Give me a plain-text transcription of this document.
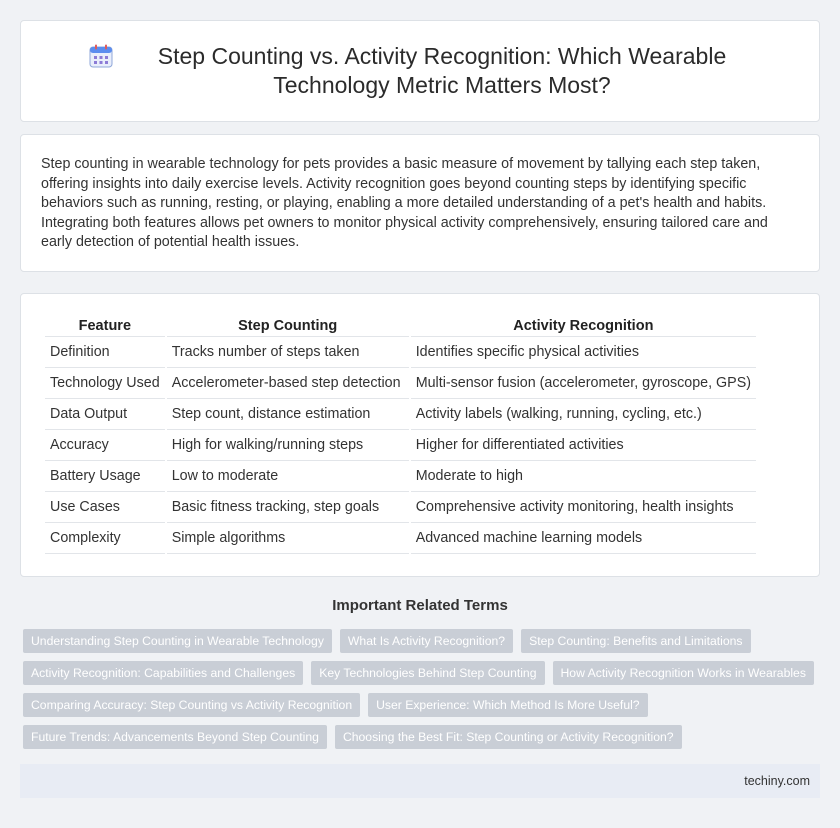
Step Counting vs. Activity Recognition: Which Wearable Technology Metric Matters Most?

Step counting in wearable technology for pets provides a basic measure of movement by tallying each step taken, offering insights into daily exercise levels. Activity recognition goes beyond counting steps by identifying specific behaviors such as running, resting, or playing, enabling a more detailed understanding of a pet's health and habits. Integrating both features allows pet owners to monitor physical activity comprehensively, ensuring tailored care and early detection of potential health issues.

Feature	Step Counting	Activity Recognition
Definition	Tracks number of steps taken	Identifies specific physical activities
Technology Used	Accelerometer-based step detection	Multi-sensor fusion (accelerometer, gyroscope, GPS)
Data Output	Step count, distance estimation	Activity labels (walking, running, cycling, etc.)
Accuracy	High for walking/running steps	Higher for differentiated activities
Battery Usage	Low to moderate	Moderate to high
Use Cases	Basic fitness tracking, step goals	Comprehensive activity monitoring, health insights
Complexity	Simple algorithms	Advanced machine learning models
Important Related Terms
Understanding Step Counting in Wearable Technology	What Is Activity Recognition?	Step Counting: Benefits and Limitations
Activity Recognition: Capabilities and Challenges	Key Technologies Behind Step Counting	How Activity Recognition Works in Wearables
Comparing Accuracy: Step Counting vs Activity Recognition	User Experience: Which Method Is More Useful?
Future Trends: Advancements Beyond Step Counting	Choosing the Best Fit: Step Counting or Activity Recognition?
techiny.com
